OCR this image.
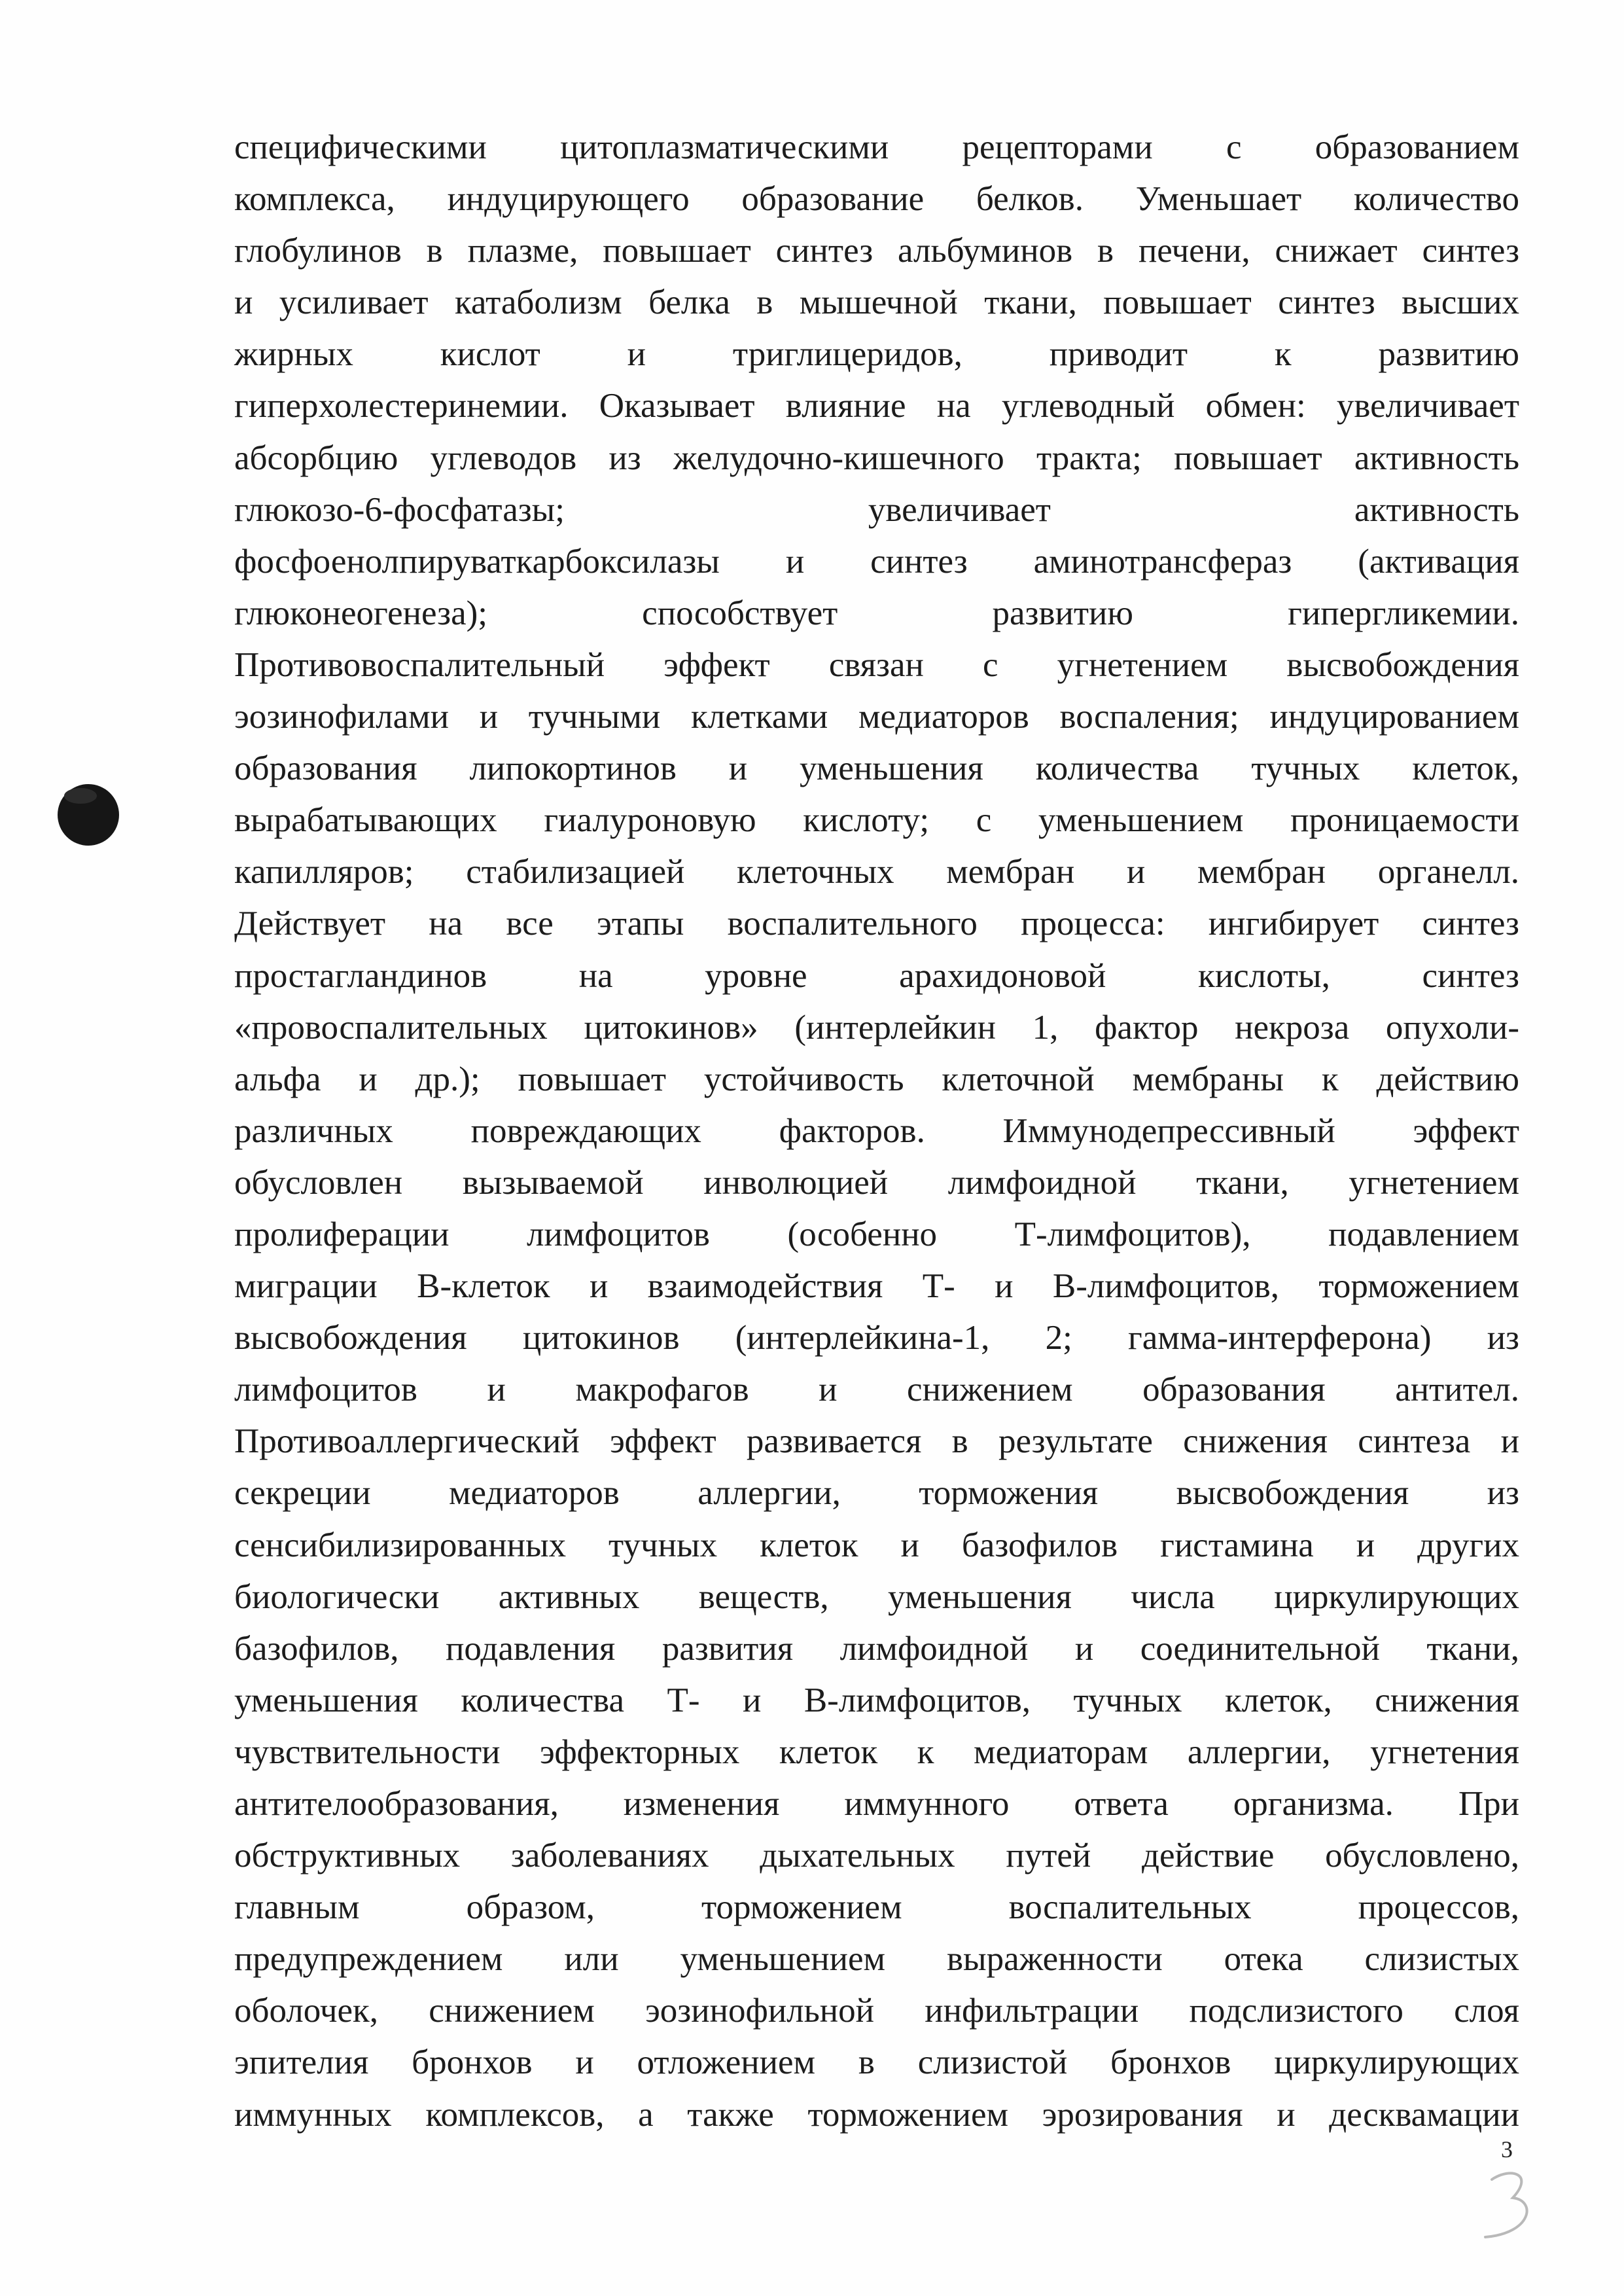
специфическими цитоплазматическими рецепторами с образованием
комплекса, индуцирующего образование белков. Уменьшает количество
глобулинов в плазме, повышает синтез альбуминов в печени, снижает синтез
и усиливает катаболизм белка в мышечной ткани, повышает синтез высших
жирных кислот и триглицеридов, приводит к развитию
гиперхолестеринемии. Оказывает влияние на углеводный обмен: увеличивает
абсорбцию углеводов из желудочно-кишечного тракта; повышает активность
глюкозо-6-фосфатазы; увеличивает активность
фосфоенолпируваткарбоксилазы и синтез аминотрансфераз (активация
глюконеогенеза); способствует развитию гипергликемии.
Противовоспалительный эффект связан с угнетением высвобождения
эозинофилами и тучными клетками медиаторов воспаления; индуцированием
образования липокортинов и уменьшения количества тучных клеток,
вырабатывающих гиалуроновую кислоту; с уменьшением проницаемости
капилляров; стабилизацией клеточных мембран и мембран органелл.
Действует на все этапы воспалительного процесса: ингибирует синтез
простагландинов на уровне арахидоновой кислоты, синтез
«провоспалительных цитокинов» (интерлейкин 1, фактор некроза опухоли-
альфа и др.); повышает устойчивость клеточной мембраны к действию
различных повреждающих факторов. Иммунодепрессивный эффект
обусловлен вызываемой инволюцией лимфоидной ткани, угнетением
пролиферации лимфоцитов (особенно Т-лимфоцитов), подавлением
миграции В-клеток и взаимодействия Т- и В-лимфоцитов, торможением
высвобождения цитокинов (интерлейкина-1, 2; гамма-интерферона) из
лимфоцитов и макрофагов и снижением образования антител.
Противоаллергический эффект развивается в результате снижения синтеза и
секреции медиаторов аллергии, торможения высвобождения из
сенсибилизированных тучных клеток и базофилов гистамина и других
биологически активных веществ, уменьшения числа циркулирующих
базофилов, подавления развития лимфоидной и соединительной ткани,
уменьшения количества Т- и В-лимфоцитов, тучных клеток, снижения
чувствительности эффекторных клеток к медиаторам аллергии, угнетения
антителообразования, изменения иммунного ответа организма. При
обструктивных заболеваниях дыхательных путей действие обусловлено,
главным образом, торможением воспалительных процессов,
предупреждением или уменьшением выраженности отека слизистых
оболочек, снижением эозинофильной инфильтрации подслизистого слоя
эпителия бронхов и отложением в слизистой бронхов циркулирующих
иммунных комплексов, а также торможением эрозирования и десквамации
3
